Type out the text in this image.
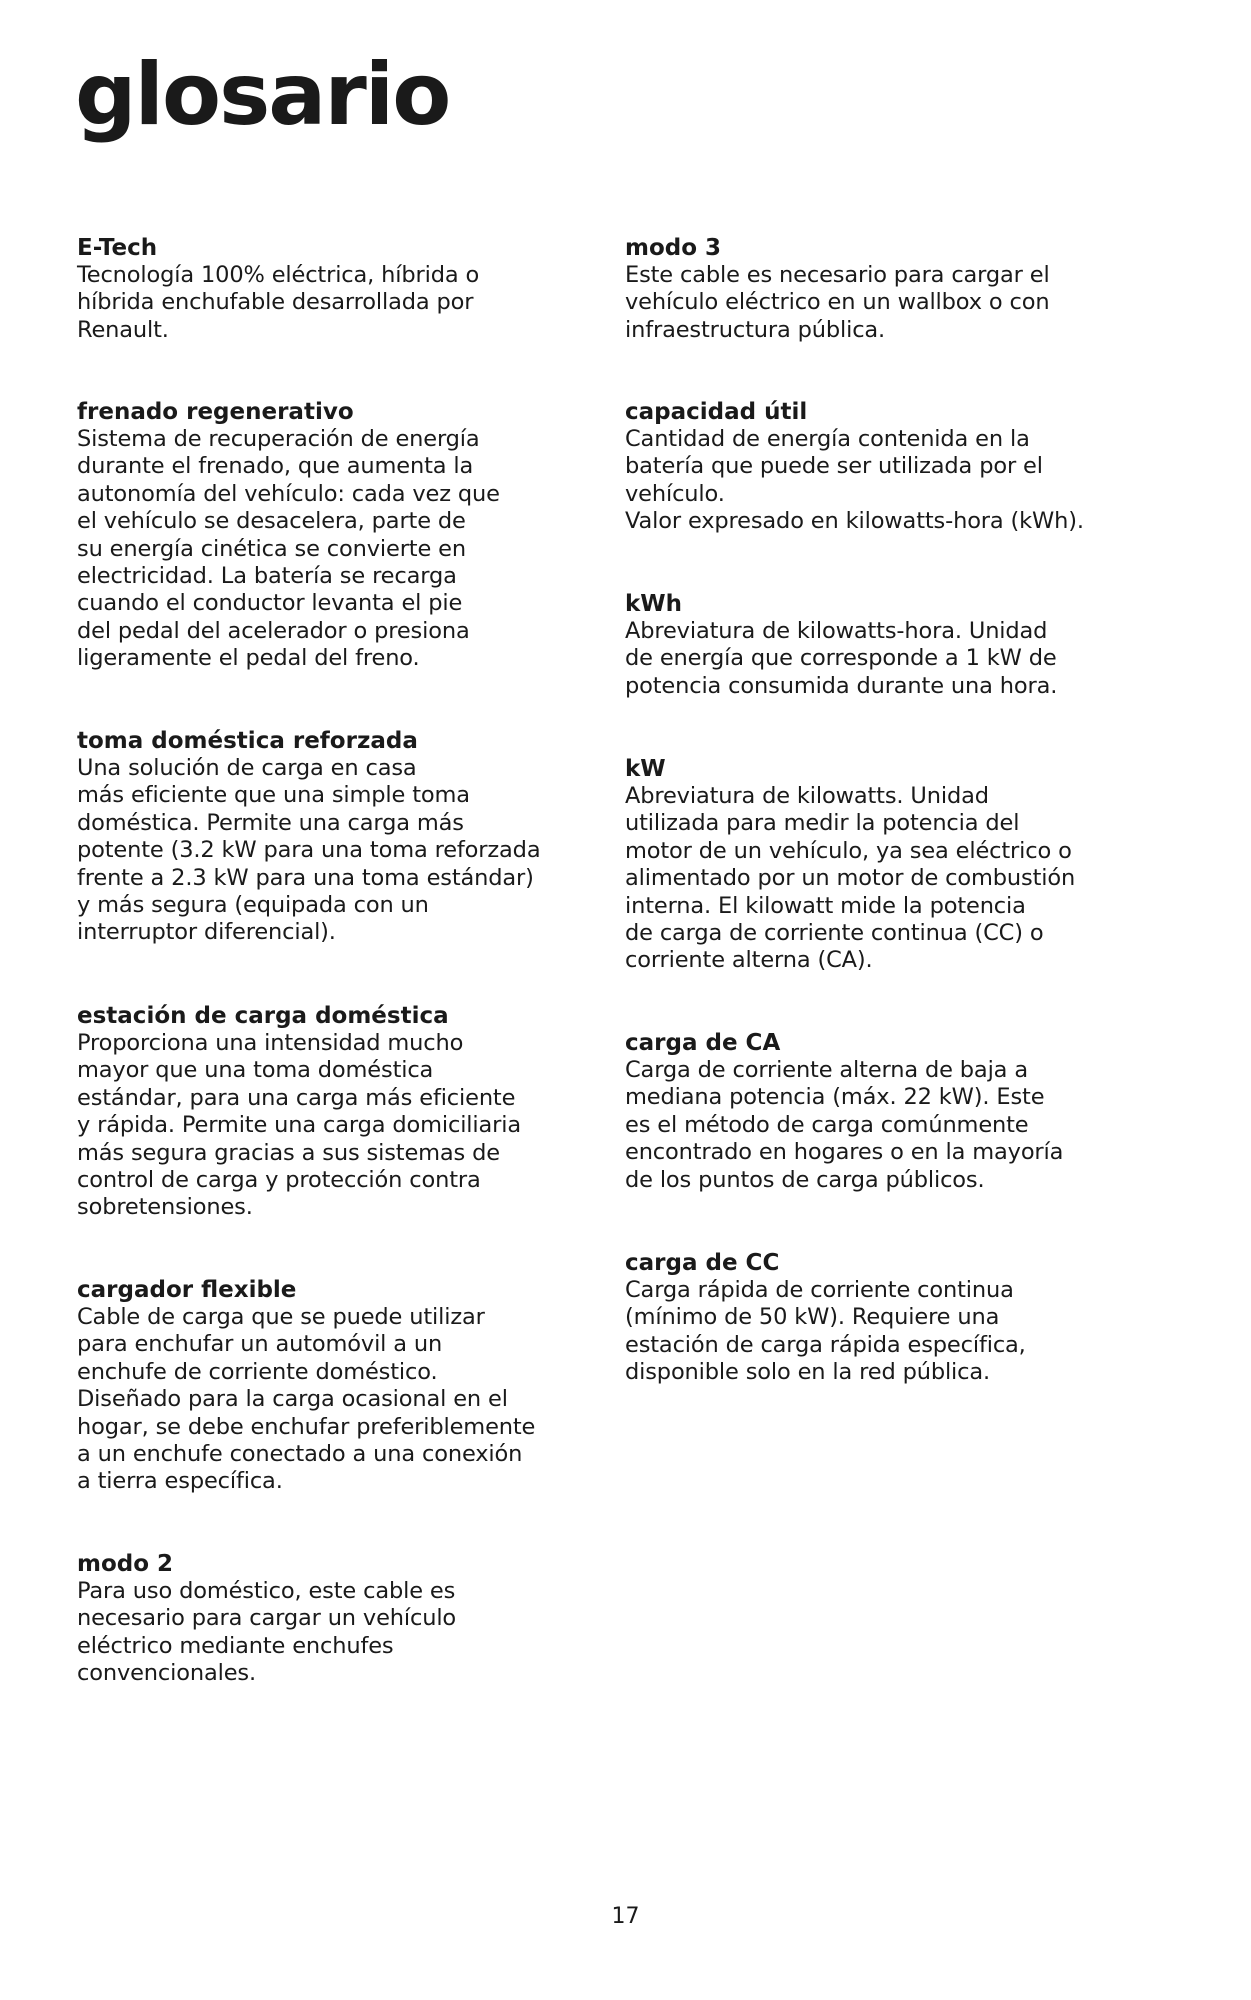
glosario

E-Tech

Tecnología 100% eléctrica, híbrida o

híbrida enchufable desarrollada por

Renault.

frenado regenerativo

Sistema de recuperación de energía

durante el frenado, que aumenta la

autonomía del vehículo: cada vez que

el vehículo se desacelera, parte de

su energía cinética se convierte en

electricidad. La batería se recarga

cuando el conductor levanta el pie

del pedal del acelerador o presiona

ligeramente el pedal del freno.

toma doméstica reforzada

Una solución de carga en casa

más eficiente que una simple toma

doméstica. Permite una carga más

potente (3.2 kW para una toma reforzada

frente a 2.3 kW para una toma estándar)

y más segura (equipada con un

interruptor diferencial).

estación de carga doméstica

Proporciona una intensidad mucho

mayor que una toma doméstica

estándar, para una carga más eficiente

y rápida. Permite una carga domiciliaria

más segura gracias a sus sistemas de

control de carga y protección contra

sobretensiones.

cargador flexible

Cable de carga que se puede utilizar

para enchufar un automóvil a un

enchufe de corriente doméstico.

Diseñado para la carga ocasional en el

hogar, se debe enchufar preferiblemente

a un enchufe conectado a una conexión

a tierra específica.

modo 2

Para uso doméstico, este cable es

necesario para cargar un vehículo

eléctrico mediante enchufes

convencionales.

modo 3

Este cable es necesario para cargar el

vehículo eléctrico en un wallbox o con

infraestructura pública.

capacidad útil

Cantidad de energía contenida en la

batería que puede ser utilizada por el

vehículo.

Valor expresado en kilowatts-hora (kWh).

kWh

Abreviatura de kilowatts-hora. Unidad

de energía que corresponde a 1 kW de

potencia consumida durante una hora.

kW

Abreviatura de kilowatts. Unidad

utilizada para medir la potencia del

motor de un vehículo, ya sea eléctrico o

alimentado por un motor de combustión

interna. El kilowatt mide la potencia

de carga de corriente continua (CC) o

corriente alterna (CA).

carga de CA

Carga de corriente alterna de baja a

mediana potencia (máx. 22 kW). Este

es el método de carga comúnmente

encontrado en hogares o en la mayoría

de los puntos de carga públicos.

carga de CC

Carga rápida de corriente continua

(mínimo de 50 kW). Requiere una

estación de carga rápida específica,

disponible solo en la red pública.

17
